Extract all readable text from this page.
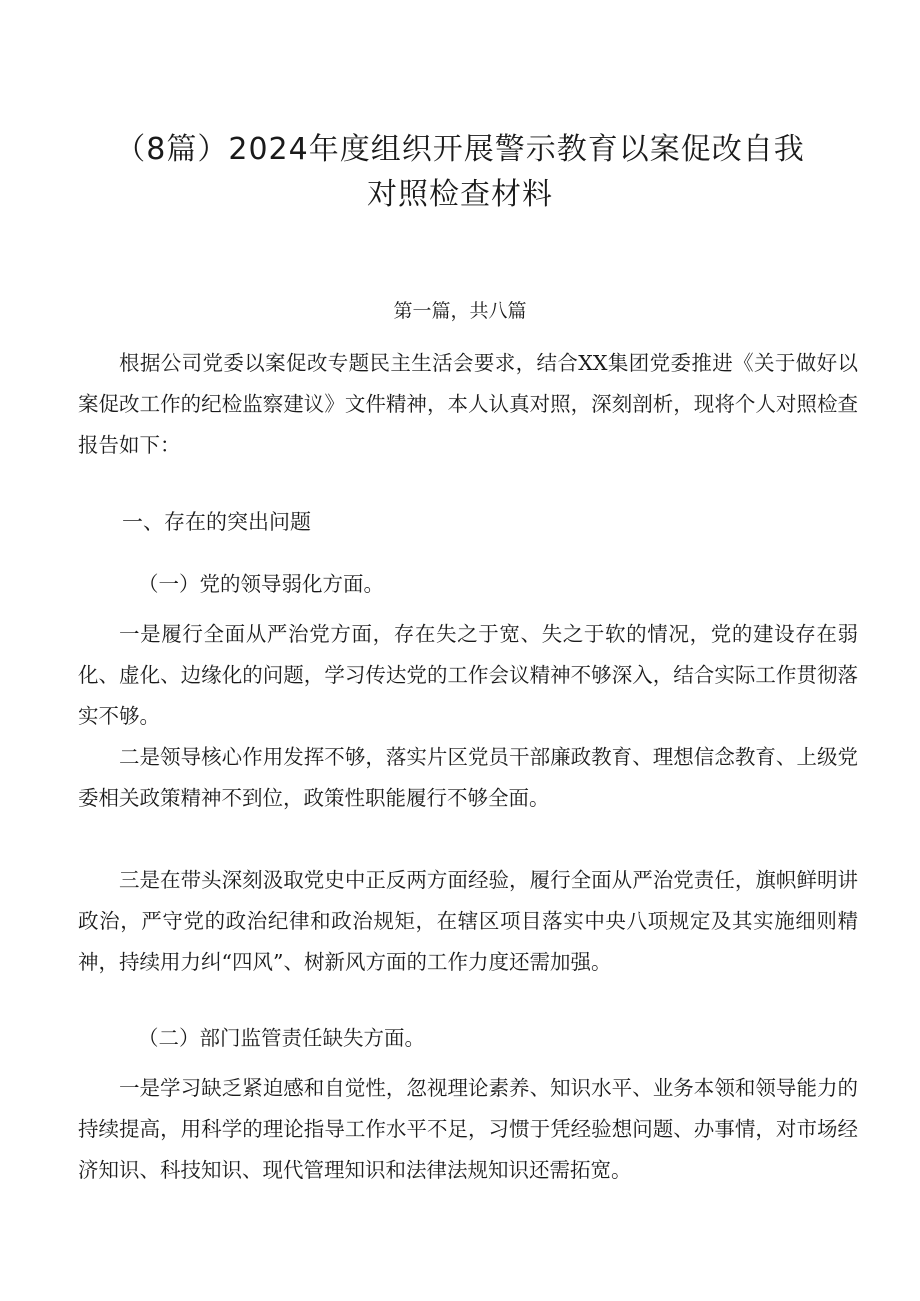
（8篇）2024年度组织开展警示教育以案促改自我
对照检查材料
第一篇，共八篇

根据公司党委以案促改专题民主生活会要求，结合XX集团党委推进《关于做好以案促改工作的纪检监察建议》文件精神，本人认真对照，深刻剖析，现将个人对照检查报告如下：

一、存在的突出问题
（一）党的领导弱化方面。

一是履行全面从严治党方面，存在失之于宽、失之于软的情况，党的建设存在弱化、虚化、边缘化的问题，学习传达党的工作会议精神不够深入，结合实际工作贯彻落实不够。

二是领导核心作用发挥不够，落实片区党员干部廉政教育、理想信念教育、上级党委相关政策精神不到位，政策性职能履行不够全面。

三是在带头深刻汲取党史中正反两方面经验，履行全面从严治党责任，旗帜鲜明讲政治，严守党的政治纪律和政治规矩，在辖区项目落实中央八项规定及其实施细则精神，持续用力纠“四风”、树新风方面的工作力度还需加强。

（二）部门监管责任缺失方面。

一是学习缺乏紧迫感和自觉性，忽视理论素养、知识水平、业务本领和领导能力的持续提高，用科学的理论指导工作水平不足，习惯于凭经验想问题、办事情，对市场经济知识、科技知识、现代管理知识和法律法规知识还需拓宽。
